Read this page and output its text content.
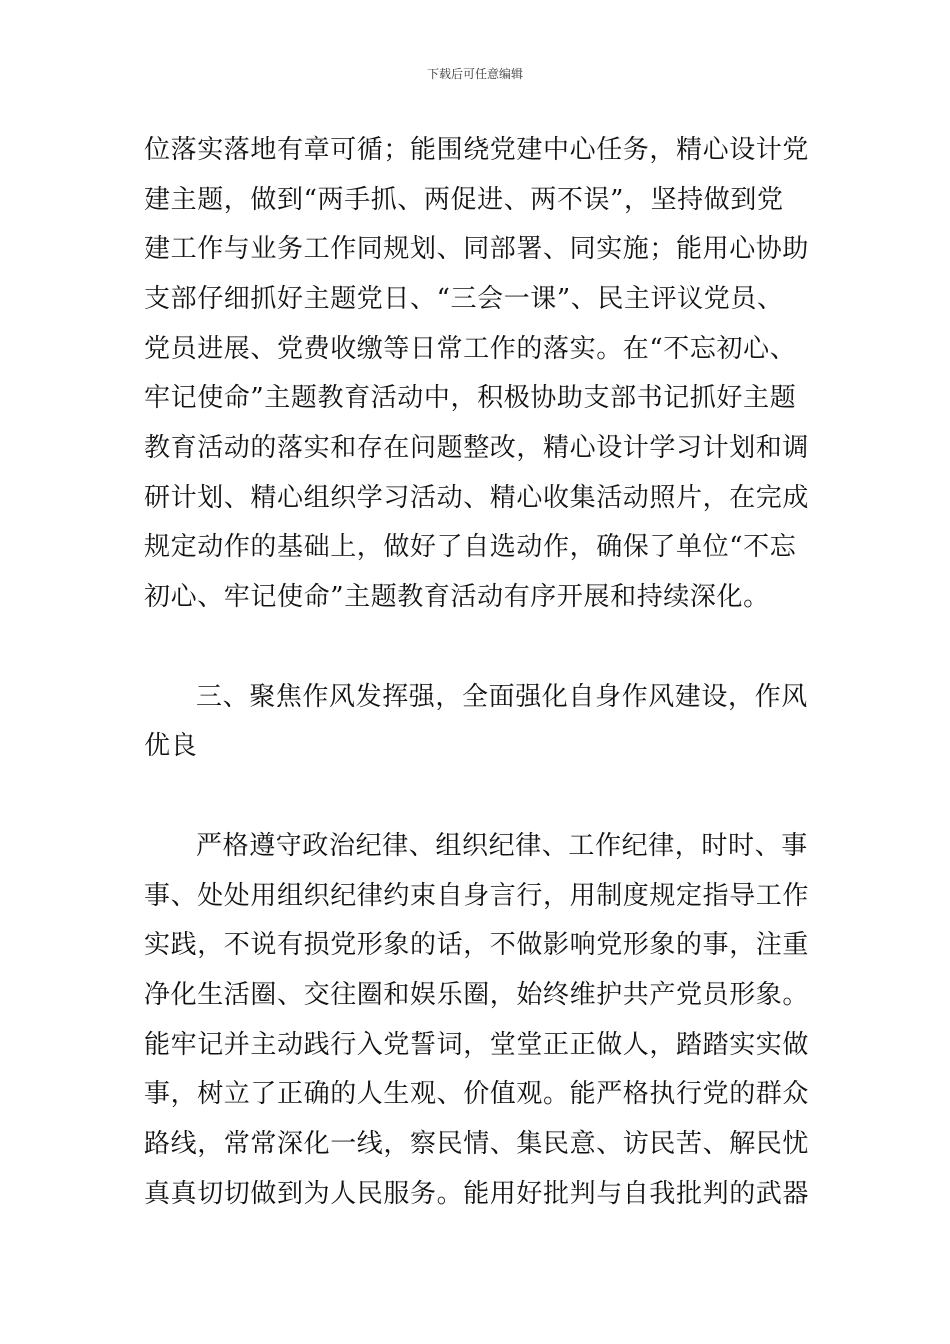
下载后可任意编辑
位落实落地有章可循；能围绕党建中心任务，精心设计党
建主题，做到“两手抓、两促进、两不误”，坚持做到党
建工作与业务工作同规划、同部署、同实施；能用心协助
支部仔细抓好主题党日、“三会一课”、民主评议党员、
党员进展、党费收缴等日常工作的落实。在“不忘初心、
牢记使命”主题教育活动中，积极协助支部书记抓好主题
教育活动的落实和存在问题整改，精心设计学习计划和调
研计划、精心组织学习活动、精心收集活动照片，在完成
规定动作的基础上，做好了自选动作，确保了单位“不忘
初心、牢记使命”主题教育活动有序开展和持续深化。
三、聚焦作风发挥强，全面强化自身作风建设，作风
优良
严格遵守政治纪律、组织纪律、工作纪律，时时、事
事、处处用组织纪律约束自身言行，用制度规定指导工作
实践，不说有损党形象的话，不做影响党形象的事，注重
净化生活圈、交往圈和娱乐圈，始终维护共产党员形象。
能牢记并主动践行入党誓词，堂堂正正做人，踏踏实实做
事，树立了正确的人生观、价值观。能严格执行党的群众
路线，常常深化一线，察民情、集民意、访民苦、解民忧
真真切切做到为人民服务。能用好批判与自我批判的武器
